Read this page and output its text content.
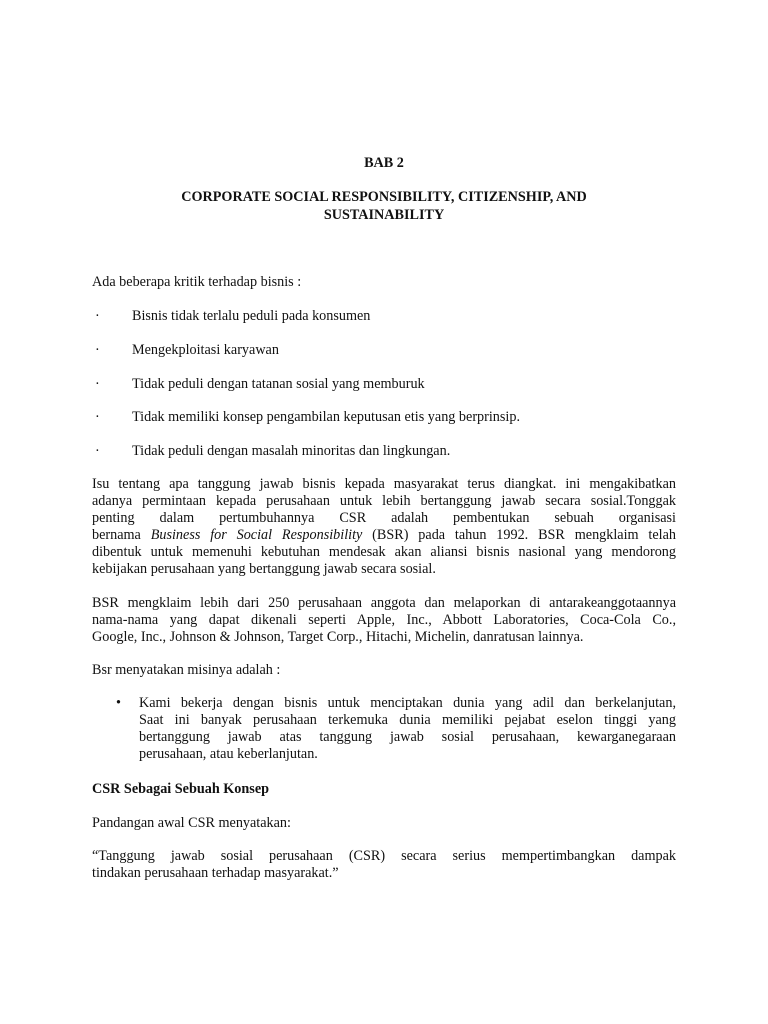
BAB 2
CORPORATE SOCIAL RESPONSIBILITY, CITIZENSHIP, AND
SUSTAINABILITY
Ada beberapa kritik terhadap bisnis :
· Bisnis tidak terlalu peduli pada konsumen
· Mengekploitasi karyawan
· Tidak peduli dengan tatanan sosial yang memburuk
· Tidak memiliki konsep pengambilan keputusan etis yang berprinsip.
· Tidak peduli dengan masalah minoritas dan lingkungan.
Isu tentang apa tanggung jawab bisnis kepada masyarakat terus diangkat. ini mengakibatkan
adanya permintaan kepada perusahaan untuk lebih bertanggung jawab secara sosial.Tonggak
penting dalam pertumbuhannya CSR adalah pembentukan sebuah organisasi
bernama Business for Social Responsibility (BSR) pada tahun 1992. BSR mengklaim telah
dibentuk untuk memenuhi kebutuhan mendesak akan aliansi bisnis nasional yang mendorong
kebijakan perusahaan yang bertanggung jawab secara sosial.
BSR mengklaim lebih dari 250 perusahaan anggota dan melaporkan di antarakeanggotaannya
nama-nama yang dapat dikenali seperti Apple, Inc., Abbott Laboratories, Coca-Cola Co.,
Google, Inc., Johnson & Johnson, Target Corp., Hitachi, Michelin, danratusan lainnya.
Bsr menyatakan misinya adalah :
• Kami bekerja dengan bisnis untuk menciptakan dunia yang adil dan berkelanjutan,
Saat ini banyak perusahaan terkemuka dunia memiliki pejabat eselon tinggi yang
bertanggung jawab atas tanggung jawab sosial perusahaan, kewarganegaraan
perusahaan, atau keberlanjutan.
CSR Sebagai Sebuah Konsep
Pandangan awal CSR menyatakan:
“Tanggung jawab sosial perusahaan (CSR) secara serius mempertimbangkan dampak
tindakan perusahaan terhadap masyarakat.”
